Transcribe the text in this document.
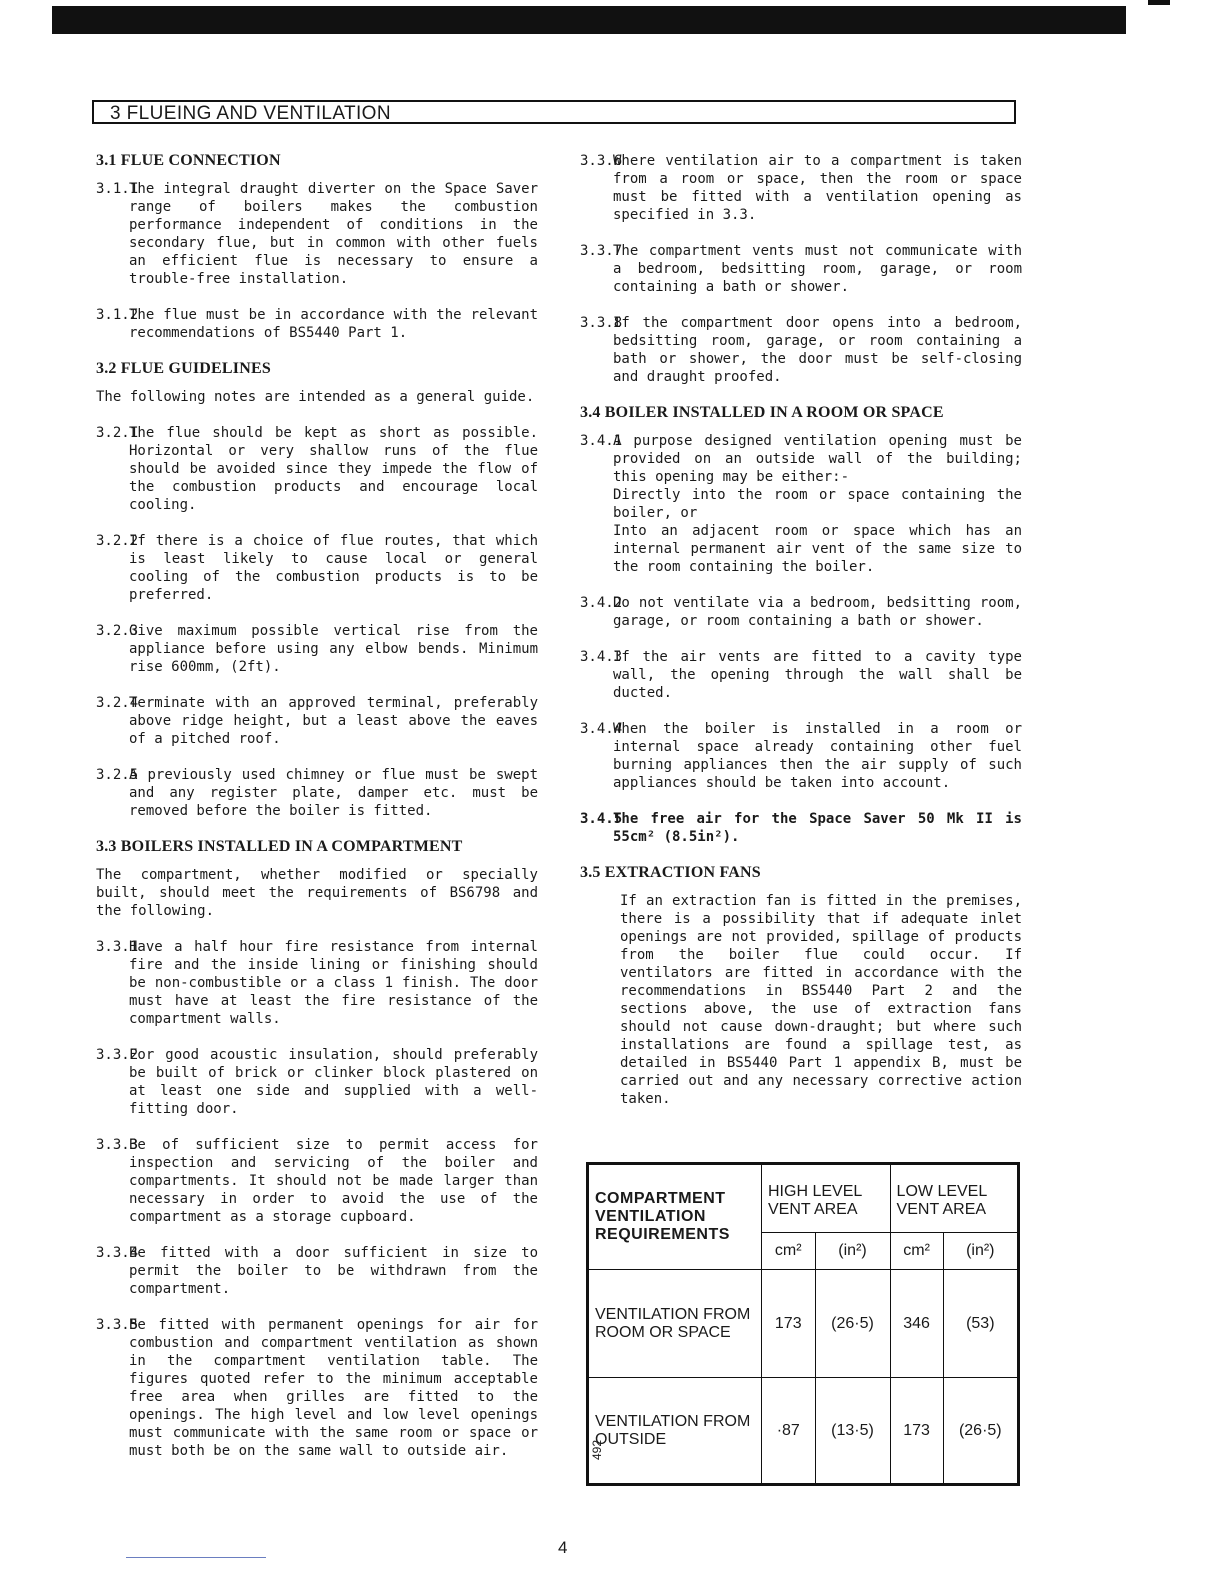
3 FLUEING AND VENTILATION
3.1 FLUE CONNECTION
3.1.1
The integral draught diverter on the Space Saver range of boilers makes the combustion performance independent of conditions in the secondary flue, but in common with other fuels an efficient flue is necessary to ensure a trouble-free installation.
3.1.2
The flue must be in accordance with the relevant recommendations of BS5440 Part 1.
3.2 FLUE GUIDELINES
The following notes are intended as a general guide.
3.2.1
The flue should be kept as short as possible. Horizontal or very shallow runs of the flue should be avoided since they impede the flow of the combustion products and encourage local cooling.
3.2.2
If there is a choice of flue routes, that which is least likely to cause local or general cooling of the combustion products is to be preferred.
3.2.3
Give maximum possible vertical rise from the appliance before using any elbow bends. Minimum rise 600mm, (2ft).
3.2.4
Terminate with an approved terminal, preferably above ridge height, but a least above the eaves of a pitched roof.
3.2.5
A previously used chimney or flue must be swept and any register plate, damper etc. must be removed before the boiler is fitted.
3.3 BOILERS INSTALLED IN A COMPARTMENT
The compartment, whether modified or specially built, should meet the requirements of BS6798 and the following.
3.3.1
Have a half hour fire resistance from internal fire and the inside lining or finishing should be non-combustible or a class 1 finish. The door must have at least the fire resistance of the compartment walls.
3.3.2
For good acoustic insulation, should preferably be built of brick or clinker block plastered on at least one side and supplied with a well-fitting door.
3.3.3
Be of sufficient size to permit access for inspection and servicing of the boiler and compartments. It should not be made larger than necessary in order to avoid the use of the compartment as a storage cupboard.
3.3.4
Be fitted with a door sufficient in size to permit the boiler to be withdrawn from the compartment.
3.3.5
Be fitted with permanent openings for air for combustion and compartment ventilation as shown in the compartment ventilation table. The figures quoted refer to the minimum acceptable free area when grilles are fitted to the openings. The high level and low level openings must communicate with the same room or space or must both be on the same wall to outside air.
3.3.6
Where ventilation air to a compartment is taken from a room or space, then the room or space must be fitted with a ventilation opening as specified in 3.3.
3.3.7
The compartment vents must not communicate with a bedroom, bedsitting room, garage, or room containing a bath or shower.
3.3.8
If the compartment door opens into a bedroom, bedsitting room, garage, or room containing a bath or shower, the door must be self-closing and draught proofed.
3.4 BOILER INSTALLED IN A ROOM OR SPACE
3.4.1
A purpose designed ventilation opening must be provided on an outside wall of the building; this opening may be either:-
Directly into the room or space containing the boiler, or
Into an adjacent room or space which has an internal permanent air vent of the same size to the room containing the boiler.
3.4.2
Do not ventilate via a bedroom, bedsitting room, garage, or room containing a bath or shower.
3.4.3
If the air vents are fitted to a cavity type wall, the opening through the wall shall be ducted.
3.4.4
When the boiler is installed in a room or internal space already containing other fuel burning appliances then the air supply of such appliances should be taken into account.
3.4.5
The free air for the Space Saver 50 Mk II is 55cm² (8.5in²).
3.5 EXTRACTION FANS
If an extraction fan is fitted in the premises, there is a possibility that if adequate inlet openings are not provided, spillage of products from the boiler flue could occur. If ventilators are fitted in accordance with the recommendations in BS5440 Part 2 and the sections above, the use of extraction fans should not cause down-draught; but where such installations are found a spillage test, as detailed in BS5440 Part 1 appendix B, must be carried out and any necessary corrective action taken.
COMPARTMENT VENTILATION REQUIREMENTS	HIGH LEVEL VENT AREA		LOW LEVEL VENT AREA	
	cm²	(in²)	cm²	(in²)
VENTILATION FROM ROOM OR SPACE	173	(26·5)	346	(53)
VENTILATION FROM OUTSIDE	·87	(13·5)	173	(26·5)
492
4
